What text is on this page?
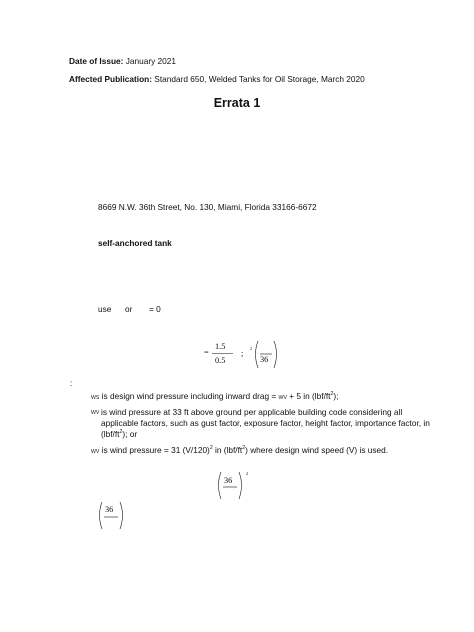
Date of Issue: January 2021
Affected Publication: Standard 650, Welded Tanks for Oil Storage, March 2020
Errata 1
8669 N.W. 36th Street, No. 130, Miami, Florida 33166-6672
self-anchored tank
use or = 0
=
1.5
0.5
;
2
36
:
WS is design wind pressure including inward drag = WV + 5 in $(lbf/ft^2)$;
WV is wind pressure at 33 ft above ground per applicable building code considering all applicable factors, such as gust factor, exposure factor, height factor, importance factor, in $(lbf/ft^2)$; or
WV is wind pressure = 31 $(V/120)^2$ in $(lbf/ft^2)$ where design wind speed (V) is used.
36
2
36
